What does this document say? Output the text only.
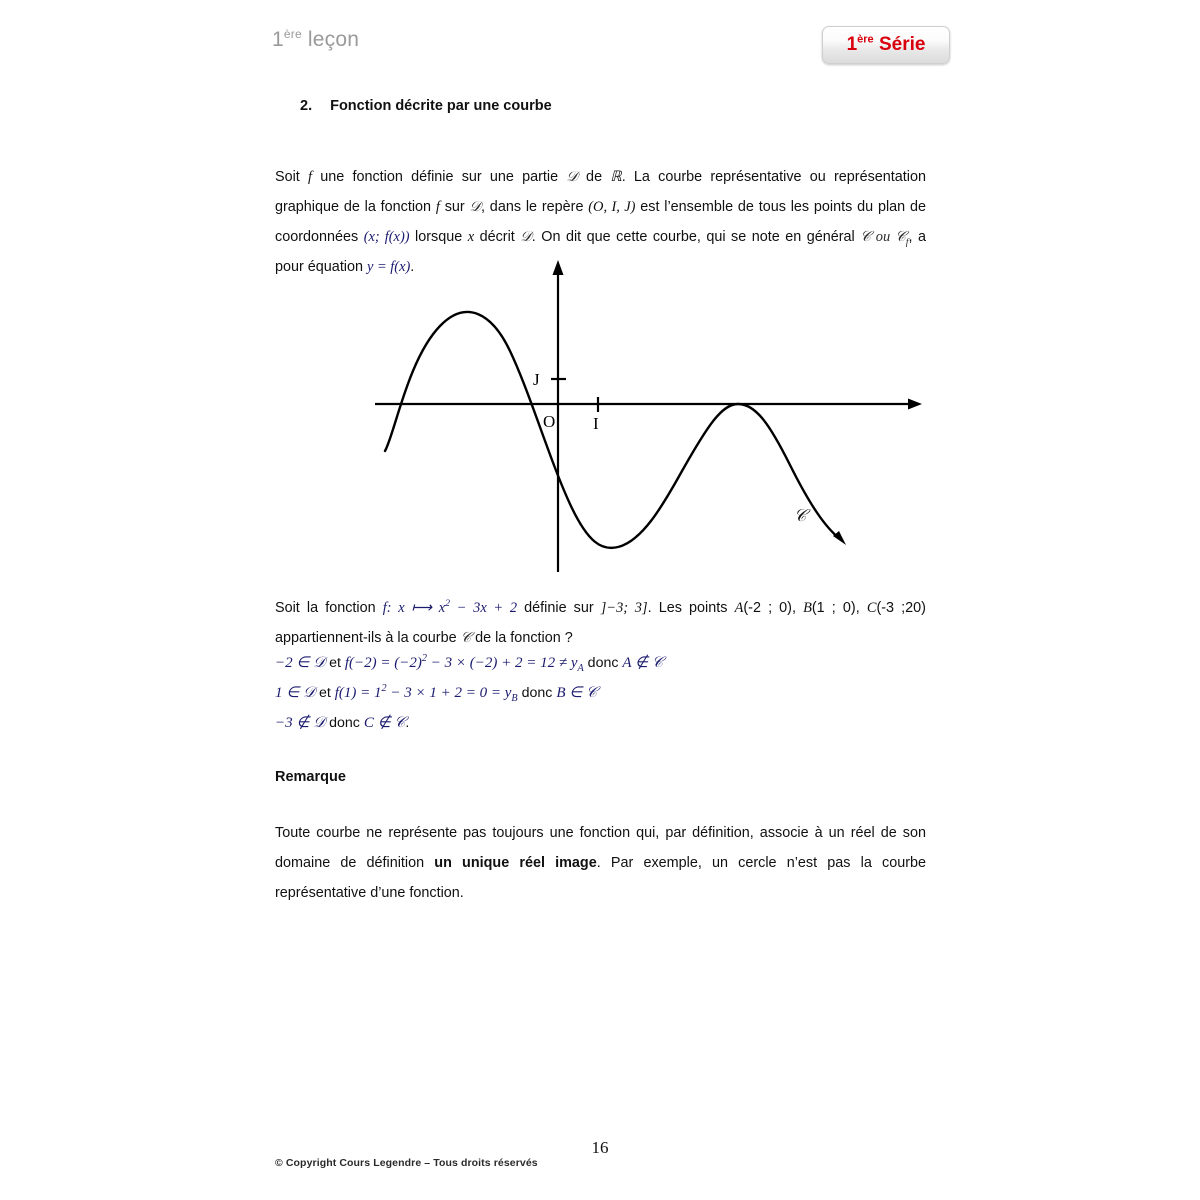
1ère leçon	1ère Série
2. Fonction décrite par une courbe
Soit f une fonction définie sur une partie 𝒟 de ℝ. La courbe représentative ou représentation graphique de la fonction f sur 𝒟, dans le repère (O, I, J) est l’ensemble de tous les points du plan de coordonnées (x; f(x)) lorsque x décrit 𝒟. On dit que cette courbe, qui se note en général 𝒞 ou 𝒞$_f$, a pour équation y = f(x).
O I
J
𝒞
Soit la fonction f: x ⟼ $x^2 - 3x + 2$ définie sur ]−3; 3]. Les points A(-2 ; 0), B(1 ; 0), C(-3 ;20) appartiennent-ils à la courbe 𝒞 de la fonction ?
−2 ∈ 𝒟 et $f(-2) = (-2)^2 - 3 \times (-2) + 2 = 12 \ne y_A$ donc A ∉ 𝒞
1 ∈ 𝒟 et $f(1) = 1^2 - 3 \times 1 + 2 = 0 = y_B$ donc B ∈ 𝒞
−3 ∉ 𝒟 donc C ∉ 𝒞.
Remarque
Toute courbe ne représente pas toujours une fonction qui, par définition, associe à un réel de son domaine de définition un unique réel image. Par exemple, un cercle n’est pas la courbe représentative d’une fonction.
16
© Copyright Cours Legendre – Tous droits réservés
